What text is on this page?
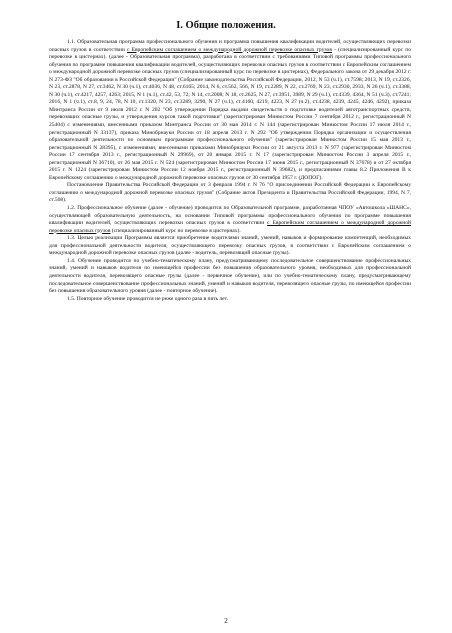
I. Общие положения.

1.1. Образовательная программа профессионального обучения и программа повышения квалификации водителей, осуществляющих перевозки опасных грузов в соответствии с Европейским соглашением о международной дорожной перевозке опасных грузов - (специализированный курс по перевозке в цистернах). (далее - Образовательная программа), разработана в соответствии с требованиями Типовой программы профессионального обучения по программе повышения квалификации водителей, осуществляющих перевозки опасных грузов в соответствии с Европейским соглашением о международной дорожной перевозке опасных грузов (специализированный курс по перевозке в цистернах), Федерального закона от 29 декабря 2012 г. N 273-ФЗ "Об образовании в Российской Федерации" (Собрание законодательства Российской Федерации, 2012, N 53 (ч.1), ст.7598; 2013, N 19, ст.2326, N 23, ст.2878, N 27, ст.3462, N 30 (ч.1), ст.4036, N 48, ст.6165; 2014, N 6, ст.562, 566, N 19, ст.2289, N 22, ст.2769, N 23, ст.2930, 2933, N 26 (ч.1), ст.3388, N 30 (ч.1), ст.4217, 4257, 4263; 2015, N 1 (ч.1), ст.42, 53, 72; N 14, ст.2008; N 18, ст.2625, N 27, ст.3951, 3989, N 29 (ч.1), ст.4339, 4364, N 51 (ч.3), ст.7241; 2016, N 1 (ч.1), ст.8, 9, 24, 78, N 10, ст.1320, N 23, ст.3289, 3290, N 27 (ч.1), ст.4160, 4219, 4223, N 27 (ч.2), ст.4238, 4239, 4245, 4246, 4292), приказа Минтранса России от 9 июля 2012 г. N 202 "Об утверждении Порядка выдачи свидетельств о подготовке водителей автотранспортных средств, перевозящих опасные грузы, и утверждения курсов такой подготовки" (зарегистрирован Минюстом России 7 сентября 2012 г., регистрационный N 25404) с изменениями, внесенными приказом Минтранса России от 30 мая 2014 г. N 144 (зарегистрирован Минюстом России 17 июля 2014 г., регистрационный N 33137), приказа Минобрнауки России от 18 апреля 2013 г. N 292 "Об утверждении Порядка организации и осуществления образовательной деятельности по основным программам профессионального обучения" (зарегистрирован Минюстом России 15 мая 2013 г., регистрационный N 28395), с изменениями, внесенными приказами Минобрнауки России от 21 августа 2013 г. N 977 (зарегистрирован Минюстом России 17 сентября 2013 г., регистрационный N 29969), от 20 января 2015 г. N 17 (зарегистрирован Минюстом России 3 апреля 2015 г., регистрационный N 36710), от 26 мая 2015 г. N 524 (зарегистрирован Минюстом России 17 июня 2015 г., регистрационный N 37678) и от 27 октября 2015 г. N 1224 (зарегистрирован Минюстом России 12 ноября 2015 г., регистрационный N 39682), и предписаниями главы 8.2 Приложения В к Европейскому соглашению о международной дорожной перевозке опасных грузов от 30 сентября 1957 г. (ДОПОГ).

Постановление Правительства Российской Федерации от 3 февраля 1994 г. N 76 "О присоединении Российской Федерации к Европейскому соглашению о международной дорожной перевозке опасных грузов" (Собрание актов Президента и Правительства Российской Федерации, 1994, N 7, ст.508).

1.2. Профессиональное обучение (далее - обучение) проводится по Образовательной программе, разработанная ЧПОУ «Автошкола «ШАНС», осуществляющей образовательную деятельность, на основании Типовой программы профессионального обучения по программе повышения квалификации водителей, осуществляющих перевозки опасных грузов в соответствии с Европейским соглашением о международной дорожной перевозке опасных грузов (специализированный курс по перевозке в цистернах).

1.3. Целью реализации Программы является приобретение водителями знаний, умений, навыков и формирование компетенций, необходимых для профессиональной деятельности водителя, осуществляющего перевозку опасных грузов, в соответствии с Европейским соглашением о международной дорожной перевозке опасных грузов (далее - водитель, перевозящий опасные грузы).

1.4. Обучение проводится по учебно-тематическому плану, предусматривающему последовательное совершенствование профессиональных знаний, умений и навыков водителя по имеющейся профессии без повышения образовательного уровня, необходимых для профессиональной деятельности водителя, перевозящего опасные грузы (далее - первичное обучение), или по учебно-тематическому плану, предусматривающему последовательное совершенствование профессиональных знаний, умений и навыков водителя, перевозящего опасные грузы, по имеющейся профессии без повышения образовательного уровня (далее - повторное обучение).

1.5. Повторное обучение проводится не реже одного раза в пять лет.

2
